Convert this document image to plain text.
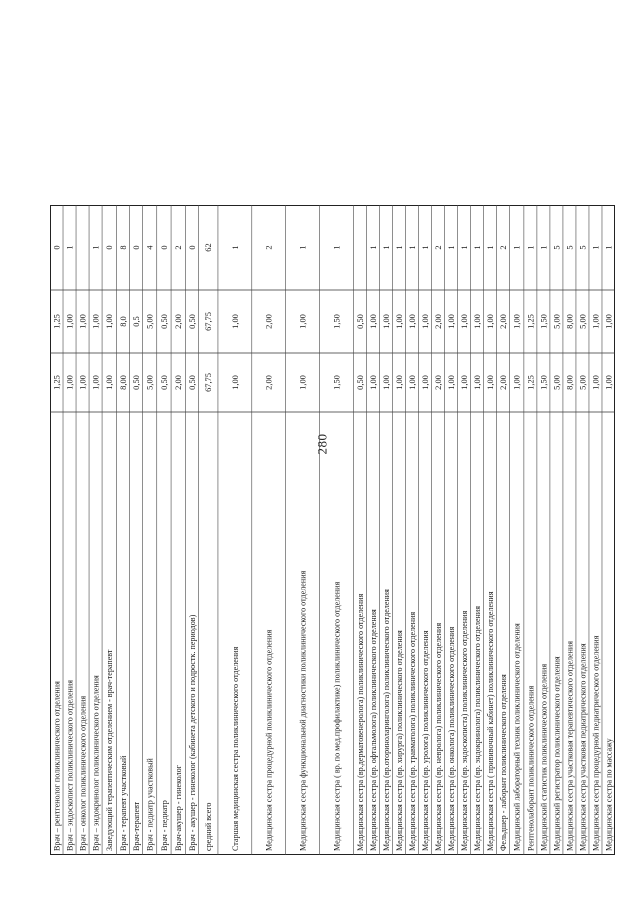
280
Врач – рентгенолог поликлинического отделения
0
1,25
1,25
Врач – эндоскопист поликлинического отделения
1
1,00
1,00
Врач – онколог поликлинического отделения
1,00
1,00
Врач – эндокринолог поликлинического отделения
1
1,00
1,00
Заведующий терапевтическим отделением - врач-терапевт
0
1,00
1,00
Врач - терапевт участковый
8
8,0
8,00
Врач-терапевт
0
0,5
0,50
Врач - педиатр участковый
4
5,00
5,00
Врач - педиатр
0
0,50
0,50
Врач-акушер - гинеколог
2
2,00
2,00
Врач - акушер - гинеколог (кабинета детского и подростк. периодов)
0
0,50
0,50
средний всего
62
67,75
67,75
Старшая медицинская сестра поликлинического отделения
1
1,00
1,00
Медицинская сестра процедурной поликлинического отделения
2
2,00
2,00
Медицинская сестра функциональной диагностики поликлинического отделения
1
1,00
1,00
Медицинская сестра ( вр. по мед.профилактике) поликлинического отделения
1
1,50
1,50
Медицинская сестра (вр.дерматовенеролога) поликлинического отделения
0,50
0,50
Медицинская сестра (вр. офтальмолога) поликлинического отделения
1
1,00
1,00
Медицинская сестра (вр.оториноларинголога) поликлинического отделения
1
1,00
1,00
Медицинская сестра (вр. хирурга) поликлинического отделения
1
1,00
1,00
Медицинская сестра (вр. травматолога) поликлинического отделения
1
1,00
1,00
Медицинская сестра (вр. уролога) поликлинического отделения
1
1,00
1,00
Медицинская сестра (вр. невролога) поликлинического отделения
2
2,00
2,00
Медицинская сестра (вр. онколога) поликлинического отделения
1
1,00
1,00
Медицинская сестра (вр. эндоскописта) поликлинического отделения
1
1,00
1,00
Медицинская сестра (вр. эндокринолога) поликлинического отделения
1
1,00
1,00
Медицинская сестра ( прививочный кабинет) поликлинического отделения
1
1,00
1,00
Фельдшер - лаборант поликлинического отделения
2
2,00
2,00
Медицинский лабораторный техник поликлинического отделения
1
1,00
1,00
Рентгенолаборант поликлинического отделения
1
1,25
1,25
Медицинский статистик поликлинического отделения
1
1,50
1,50
Медицинский регистратор поликлинического отделения
5
5,00
5,00
Медицинская сестра участковая терапевтического отделения
5
8,00
8,00
Медицинская сестра участковая педиатрического отделения
5
5,00
5,00
Медицинская сестра процедурной педиатрического отделения
1
1,00
1,00
Медицинская сестра по массажу
1
1,00
1,00
